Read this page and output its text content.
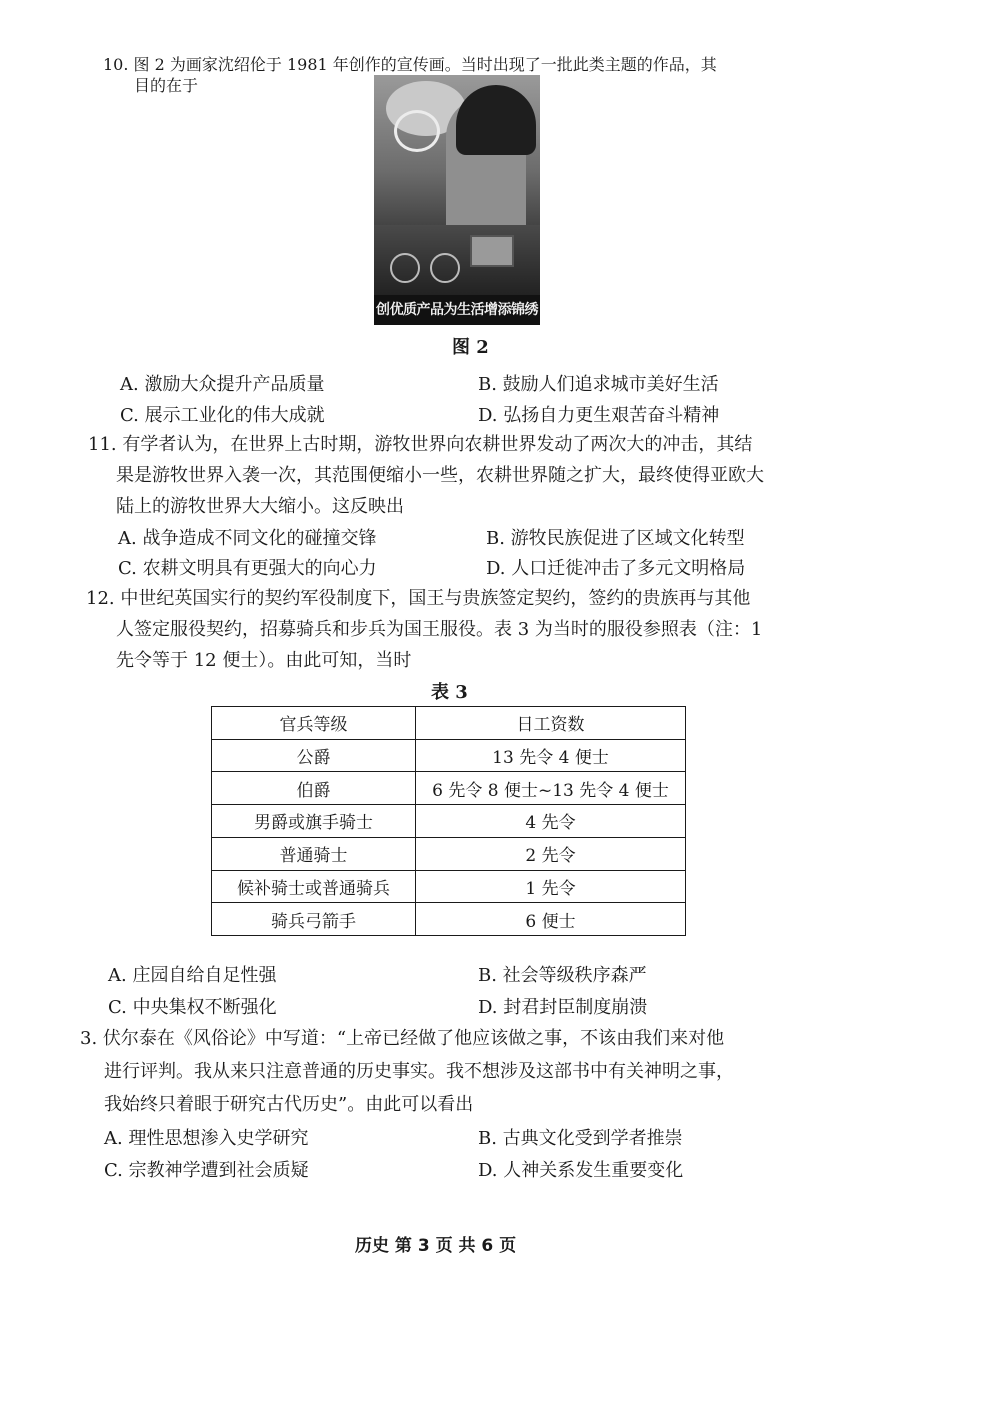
10. 图 2 为画家沈绍伦于 1981 年创作的宣传画。当时出现了一批此类主题的作品，其
目的在于
创优质产品为生活增添锦绣
图 2
A. 激励大众提升产品质量	B. 鼓励人们追求城市美好生活
C. 展示工业化的伟大成就	D. 弘扬自力更生艰苦奋斗精神
11. 有学者认为，在世界上古时期，游牧世界向农耕世界发动了两次大的冲击，其结
果是游牧世界入袭一次，其范围便缩小一些，农耕世界随之扩大，最终使得亚欧大
陆上的游牧世界大大缩小。这反映出
A. 战争造成不同文化的碰撞交锋	B. 游牧民族促进了区域文化转型
C. 农耕文明具有更强大的向心力	D. 人口迁徙冲击了多元文明格局
12. 中世纪英国实行的契约军役制度下，国王与贵族签定契约，签约的贵族再与其他
人签定服役契约，招募骑兵和步兵为国王服役。表 3 为当时的服役参照表（注：1
先令等于 12 便士）。由此可知，当时
表 3
官兵等级	日工资数
公爵	13 先令 4 便士
伯爵	6 先令 8 便士~13 先令 4 便士
男爵或旗手骑士	4 先令
普通骑士	2 先令
候补骑士或普通骑兵	1 先令
骑兵弓箭手	6 便士
A. 庄园自给自足性强	B. 社会等级秩序森严
C. 中央集权不断强化	D. 封君封臣制度崩溃
3. 伏尔泰在《风俗论》中写道：“上帝已经做了他应该做之事，不该由我们来对他
进行评判。我从来只注意普通的历史事实。我不想涉及这部书中有关神明之事，
我始终只着眼于研究古代历史”。由此可以看出
A. 理性思想渗入史学研究	B. 古典文化受到学者推崇
C. 宗教神学遭到社会质疑	D. 人神关系发生重要变化
历史 第 3 页 共 6 页
